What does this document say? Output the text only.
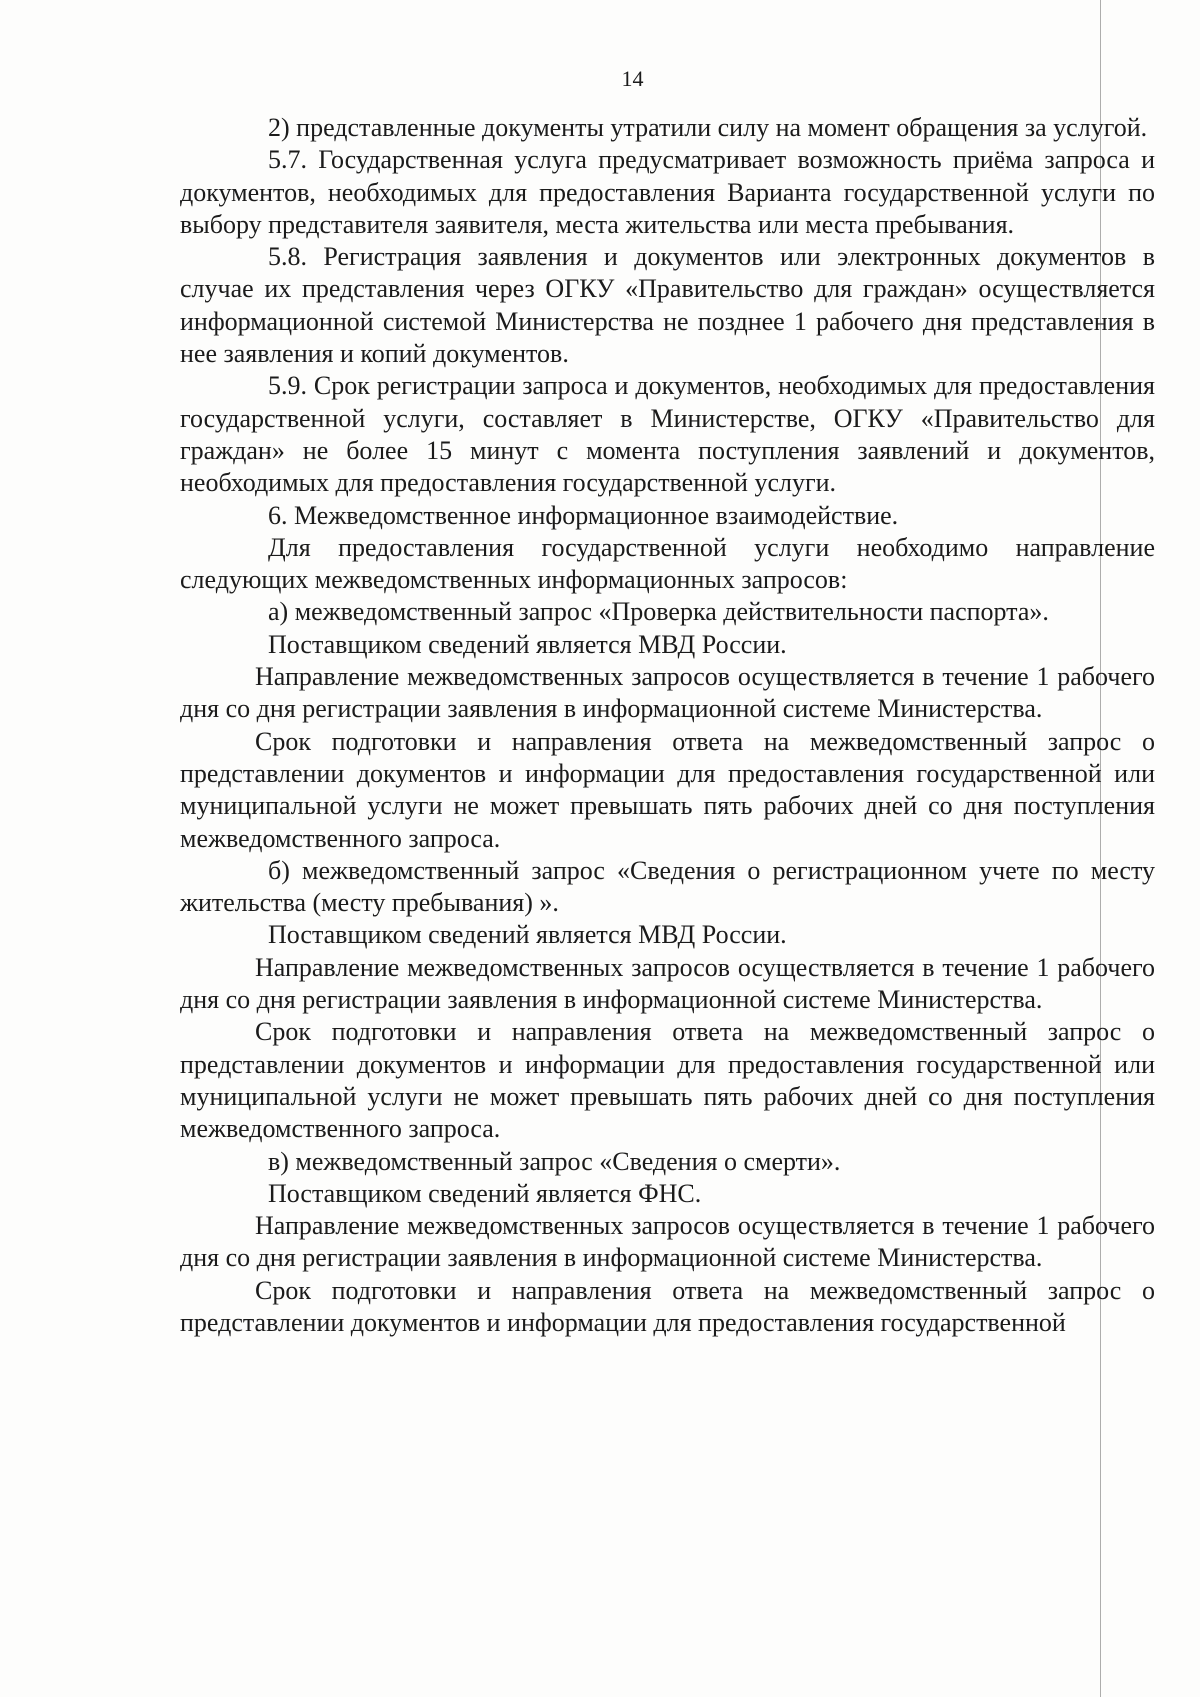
14

2) представленные документы утратили силу на момент обращения за услугой.

5.7. Государственная услуга предусматривает возможность приёма запроса и документов, необходимых для предоставления Варианта государственной услуги по выбору представителя заявителя, места жительства или места пребывания.

5.8. Регистрация заявления и документов или электронных документов в случае их представления через ОГКУ «Правительство для граждан» осуществляется информационной системой Министерства не позднее 1 рабочего дня представления в нее заявления и копий документов.

5.9. Срок регистрации запроса и документов, необходимых для предоставления государственной услуги, составляет в Министерстве, ОГКУ «Правительство для граждан» не более 15 минут с момента поступления заявлений и документов, необходимых для предоставления государственной услуги.

6. Межведомственное информационное взаимодействие.

Для предоставления государственной услуги необходимо направление следующих межведомственных информационных запросов:

а) межведомственный запрос «Проверка действительности паспорта».

Поставщиком сведений является МВД России.

Направление межведомственных запросов осуществляется в течение 1 рабочего дня со дня регистрации заявления в информационной системе Министерства.

Срок подготовки и направления ответа на межведомственный запрос о представлении документов и информации для предоставления государственной или муниципальной услуги не может превышать пять рабочих дней со дня поступления межведомственного запроса.

б) межведомственный запрос «Сведения о регистрационном учете по месту жительства (месту пребывания) ».

Поставщиком сведений является МВД России.

Направление межведомственных запросов осуществляется в течение 1 рабочего дня со дня регистрации заявления в информационной системе Министерства.

Срок подготовки и направления ответа на межведомственный запрос о представлении документов и информации для предоставления государственной или муниципальной услуги не может превышать пять рабочих дней со дня поступления межведомственного запроса.

в) межведомственный запрос «Сведения о смерти».

Поставщиком сведений является ФНС.

Направление межведомственных запросов осуществляется в течение 1 рабочего дня со дня регистрации заявления в информационной системе Министерства.

Срок подготовки и направления ответа на межведомственный запрос о представлении документов и информации для предоставления государственной
